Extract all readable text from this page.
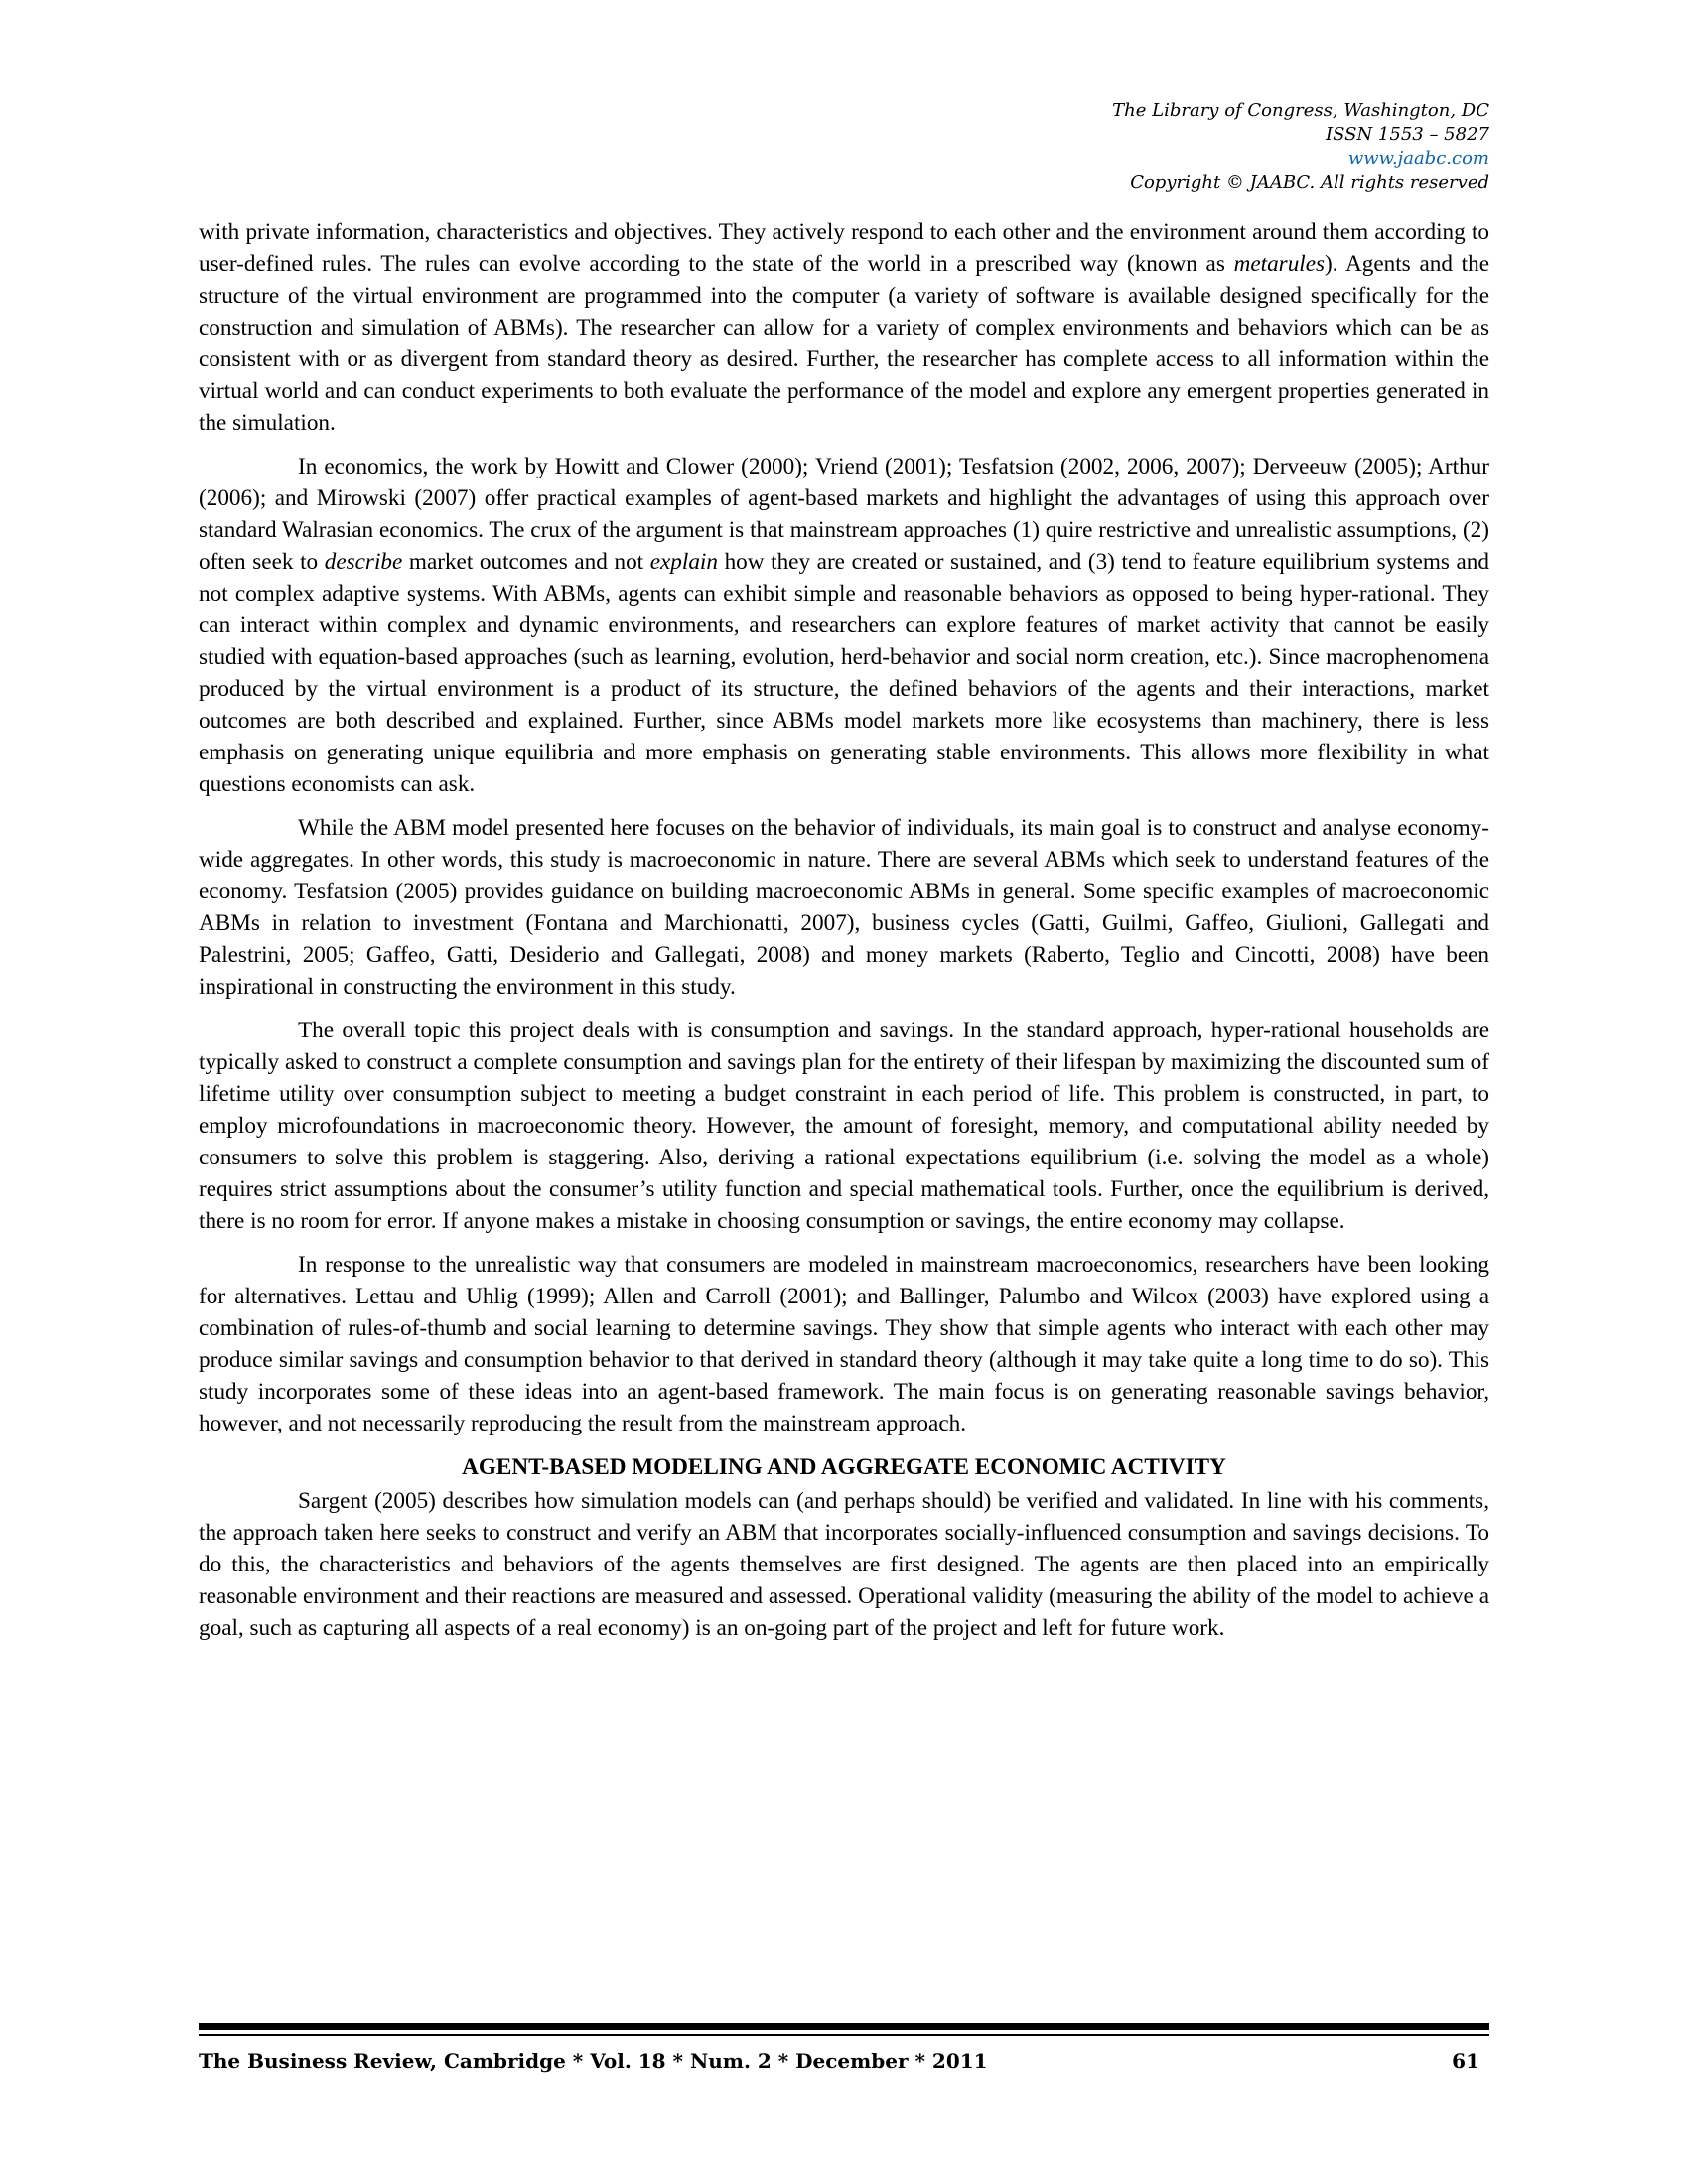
The Library of Congress, Washington, DC
ISSN 1553 – 5827
www.jaabc.com
Copyright © JAABC. All rights reserved

with private information, characteristics and objectives. They actively respond to each other and the environment around them according to user-defined rules. The rules can evolve according to the state of the world in a prescribed way (known as metarules). Agents and the structure of the virtual environment are programmed into the computer (a variety of software is available designed specifically for the construction and simulation of ABMs). The researcher can allow for a variety of complex environments and behaviors which can be as consistent with or as divergent from standard theory as desired. Further, the researcher has complete access to all information within the virtual world and can conduct experiments to both evaluate the performance of the model and explore any emergent properties generated in the simulation.

In economics, the work by Howitt and Clower (2000); Vriend (2001); Tesfatsion (2002, 2006, 2007); Derveeuw (2005); Arthur (2006); and Mirowski (2007) offer practical examples of agent-based markets and highlight the advantages of using this approach over standard Walrasian economics. The crux of the argument is that mainstream approaches (1) quire restrictive and unrealistic assumptions, (2) often seek to describe market outcomes and not explain how they are created or sustained, and (3) tend to feature equilibrium systems and not complex adaptive systems. With ABMs, agents can exhibit simple and reasonable behaviors as opposed to being hyper-rational. They can interact within complex and dynamic environments, and researchers can explore features of market activity that cannot be easily studied with equation-based approaches (such as learning, evolution, herd-behavior and social norm creation, etc.). Since macrophenomena produced by the virtual environment is a product of its structure, the defined behaviors of the agents and their interactions, market outcomes are both described and explained. Further, since ABMs model markets more like ecosystems than machinery, there is less emphasis on generating unique equilibria and more emphasis on generating stable environments. This allows more flexibility in what questions economists can ask.

While the ABM model presented here focuses on the behavior of individuals, its main goal is to construct and analyse economy-wide aggregates. In other words, this study is macroeconomic in nature. There are several ABMs which seek to understand features of the economy. Tesfatsion (2005) provides guidance on building macroeconomic ABMs in general. Some specific examples of macroeconomic ABMs in relation to investment (Fontana and Marchionatti, 2007), business cycles (Gatti, Guilmi, Gaffeo, Giulioni, Gallegati and Palestrini, 2005; Gaffeo, Gatti, Desiderio and Gallegati, 2008) and money markets (Raberto, Teglio and Cincotti, 2008) have been inspirational in constructing the environment in this study.

The overall topic this project deals with is consumption and savings. In the standard approach, hyper-rational households are typically asked to construct a complete consumption and savings plan for the entirety of their lifespan by maximizing the discounted sum of lifetime utility over consumption subject to meeting a budget constraint in each period of life. This problem is constructed, in part, to employ microfoundations in macroeconomic theory. However, the amount of foresight, memory, and computational ability needed by consumers to solve this problem is staggering. Also, deriving a rational expectations equilibrium (i.e. solving the model as a whole) requires strict assumptions about the consumer’s utility function and special mathematical tools. Further, once the equilibrium is derived, there is no room for error. If anyone makes a mistake in choosing consumption or savings, the entire economy may collapse.

In response to the unrealistic way that consumers are modeled in mainstream macroeconomics, researchers have been looking for alternatives. Lettau and Uhlig (1999); Allen and Carroll (2001); and Ballinger, Palumbo and Wilcox (2003) have explored using a combination of rules-of-thumb and social learning to determine savings. They show that simple agents who interact with each other may produce similar savings and consumption behavior to that derived in standard theory (although it may take quite a long time to do so). This study incorporates some of these ideas into an agent-based framework. The main focus is on generating reasonable savings behavior, however, and not necessarily reproducing the result from the mainstream approach.

AGENT-BASED MODELING AND AGGREGATE ECONOMIC ACTIVITY

Sargent (2005) describes how simulation models can (and perhaps should) be verified and validated. In line with his comments, the approach taken here seeks to construct and verify an ABM that incorporates socially-influenced consumption and savings decisions. To do this, the characteristics and behaviors of the agents themselves are first designed. The agents are then placed into an empirically reasonable environment and their reactions are measured and assessed. Operational validity (measuring the ability of the model to achieve a goal, such as capturing all aspects of a real economy) is an on-going part of the project and left for future work.

The Business Review, Cambridge * Vol. 18 * Num. 2 * December * 2011	61
